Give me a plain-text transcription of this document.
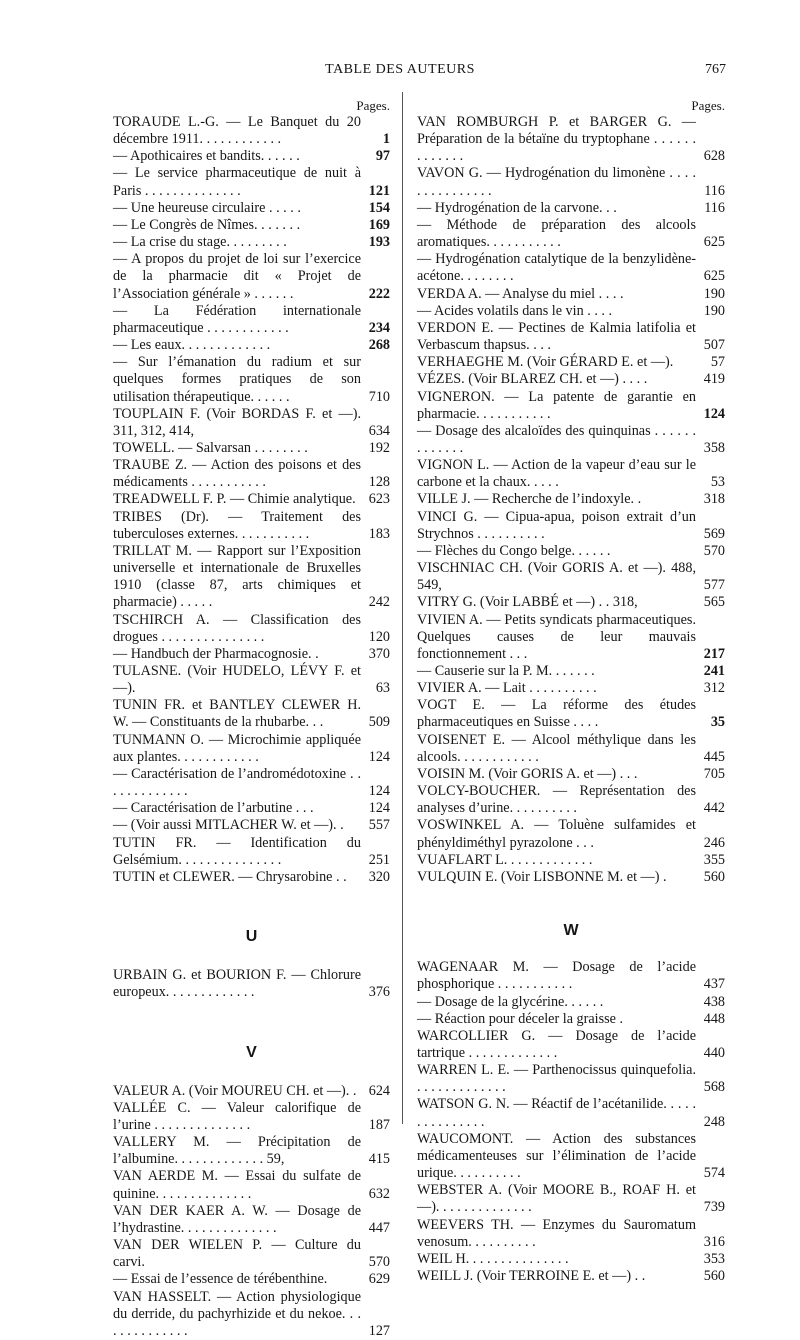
TABLE DES AUTEURS	767
Pages.
TORAUDE L.-G. — Le Banquet du 20 décembre 1911. . . . . . . . . . . .	1
— Apothicaires et bandits. . . . . .	97
— Le service pharmaceutique de nuit à Paris . . . . . . . . . . . . . .	121
— Une heureuse circulaire . . . . .	154
— Le Congrès de Nîmes. . . . . . .	169
— La crise du stage. . . . . . . . .	193
— A propos du projet de loi sur l’exercice de la pharmacie dit « Projet de l’Association générale » . . . . . .	222
— La Fédération internationale pharmaceutique . . . . . . . . . . . .	234
— Les eaux. . . . . . . . . . . . .	268
— Sur l’émanation du radium et sur quelques formes pratiques de son utilisation thérapeutique. . . . . .	710
TOUPLAIN F. (Voir BORDAS F. et —). 311, 312, 414,	634
TOWELL. — Salvarsan . . . . . . . .	192
TRAUBE Z. — Action des poisons et des médicaments . . . . . . . . . . .	128
TREADWELL F. P. — Chimie analytique. 623
TRIBES (Dr). — Traitement des tuberculoses externes. . . . . . . . . . .	183
TRILLAT M. — Rapport sur l’Exposition universelle et internationale de Bruxelles 1910 (classe 87, arts chimiques et pharmacie) . . . . .	242
TSCHIRCH A. — Classification des drogues . . . . . . . . . . . . . . .	120
— Handbuch der Pharmacognosie. .	370
TULASNE. (Voir HUDELO, LÉVY F. et —).	63
TUNIN FR. et BANTLEY CLEWER H. W. — Constituants de la rhubarbe. . .	509
TUNMANN O. — Microchimie appliquée aux plantes. . . . . . . . . . . .	124
— Caractérisation de l’andromédotoxine . . . . . . . . . . . . .	124
— Caractérisation de l’arbutine . . .	124
— (Voir aussi MITLACHER W. et —). .	557
TUTIN FR. — Identification du Gelsémium. . . . . . . . . . . . . . .	251
TUTIN et CLEWER. — Chrysarobine . .	320
U
URBAIN G. et BOURION F. — Chlorure europeux. . . . . . . . . . . . .	376
V
VALEUR A. (Voir MOUREU CH. et —). . 624
VALLÉE C. — Valeur calorifique de l’urine . . . . . . . . . . . . . .	187
VALLERY M. — Précipitation de l’albumine. . . . . . . . . . . . . 59,	415
VAN AERDE M. — Essai du sulfate de quinine. . . . . . . . . . . . . .	632
VAN DER KAER A. W. — Dosage de l’hydrastine. . . . . . . . . . . . . .	447
VAN DER WIELEN P. — Culture du carvi.	570
— Essai de l’essence de térébenthine.	629
VAN HASSELT. — Action physiologique du derride, du pachyrhizide et du nekoe. . . . . . . . . . . . . .	127
Pages.
VAN ROMBURGH P. et BARGER G. — Préparation de la bétaïne du tryptophane . . . . . . . . . . . . .	628
VAVON G. — Hydrogénation du limonène . . . . . . . . . . . . . . .	116
— Hydrogénation de la carvone. . .	116
— Méthode de préparation des alcools aromatiques. . . . . . . . . . .	625
— Hydrogénation catalytique de la benzylidène-acétone. . . . . . . .	625
VERDA A. — Analyse du miel . . . .	190
— Acides volatils dans le vin . . . .	190
VERDON E. — Pectines de Kalmia latifolia et Verbascum thapsus. . . .	507
VERHAEGHE M. (Voir GÉRARD E. et —).	57
VÉZES. (Voir BLAREZ CH. et —) . . . .	419
VIGNERON. — La patente de garantie en pharmacie. . . . . . . . . . .	124
— Dosage des alcaloïdes des quinquinas . . . . . . . . . . . . .	358
VIGNON L. — Action de la vapeur d’eau sur le carbone et la chaux. . . . .	53
VILLE J. — Recherche de l’indoxyle. .	318
VINCI G. — Cipua-apua, poison extrait d’un Strychnos . . . . . . . . . .	569
— Flèches du Congo belge. . . . . .	570
VISCHNIAC CH. (Voir GORIS A. et —). 488, 549,	577
VITRY G. (Voir LABBÉ et —) . . 318,	565
VIVIEN A. — Petits syndicats pharmaceutiques. Quelques causes de leur mauvais fonctionnement . . .	217
— Causerie sur la P. M. . . . . . .	241
VIVIER A. — Lait . . . . . . . . . .	312
VOGT E. — La réforme des études pharmaceutiques en Suisse . . . .	35
VOISENET E. — Alcool méthylique dans les alcools. . . . . . . . . . . .	445
VOISIN M. (Voir GORIS A. et —) . . .	705
VOLCY-BOUCHER. — Représentation des analyses d’urine. . . . . . . . . .	442
VOSWINKEL A. — Toluène sulfamides et phényldiméthyl pyrazolone . . .	246
VUAFLART L. . . . . . . . . . . . .	355
VULQUIN E. (Voir LISBONNE M. et —) .	560
W
WAGENAAR M. — Dosage de l’acide phosphorique . . . . . . . . . . .	437
— Dosage de la glycérine. . . . . .	438
— Réaction pour déceler la graisse .	448
WARCOLLIER G. — Dosage de l’acide tartrique . . . . . . . . . . . . .	440
WARREN L. E. — Parthenocissus quinquefolia. . . . . . . . . . . . . .	568
WATSON G. N. — Réactif de l’acétanilide. . . . . . . . . . . . . . .	248
WAUCOMONT. — Action des substances médicamenteuses sur l’élimination de l’acide urique. . . . . . . . . .	574
WEBSTER A. (Voir MOORE B., ROAF H. et —). . . . . . . . . . . . . .	739
WEEVERS TH. — Enzymes du Sauromatum venosum. . . . . . . . . .	316
WEIL H. . . . . . . . . . . . . . .	353
WEILL J. (Voir TERROINE E. et —) . .	560
